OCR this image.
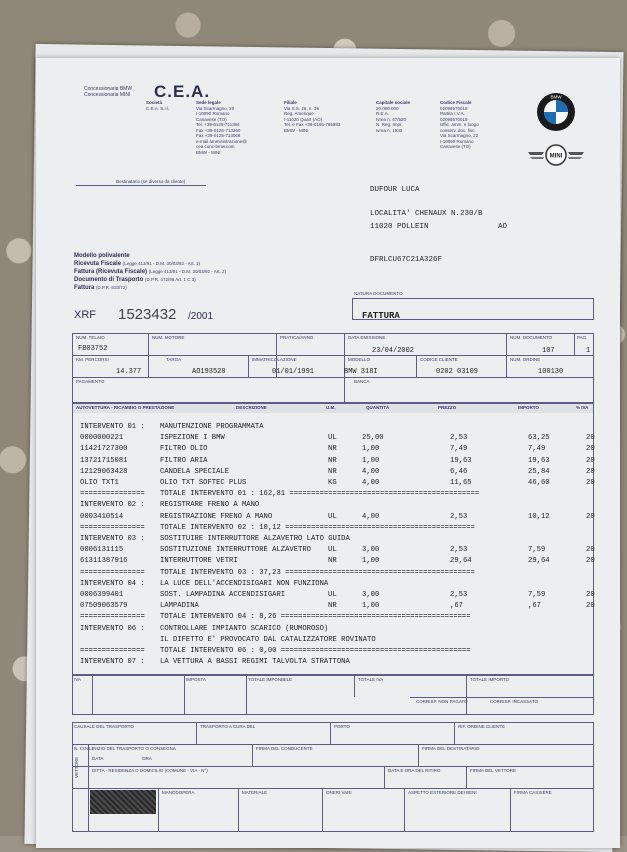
Concessionaria BMW
Concessionaria MINI C.E.A.
Società
C.E.A. S.r.l.
Sede legale
Via Scarmagno, 20
I-10090 Romano
Canavese (TO)
Tel. +39-0125-711384
Fax +39-0125-713260
Fax +39-0125-713068
e-mail amministrazione@
cea.conc-bmw.com
BMW - MINI
Filiale
Via S.S. 26, n. 39
Reg. Amerique
I-11020 Quart (AO)
Tel. e Fax +39-0165-765983
BMW - MINI
Capitale sociale
20.000.000
R.E.A.
Ivrea n. 47/520
N. Reg. Impr.
Ivrea n. 1933
Codice Fiscale
02096570019
Partita I.V.A.
02096570019
Uffic. amm. e luogo
conserv. doc. fisc.
Via Scarmagno, 22
I-10090 Romano
Canavese (TO)
BMW
MINI
Destinatario (se diverso da cliente)
DUFOUR LUCA
LOCALITA' CHENAUX N.230/B
11020 POLLEIN	AO
DFRLCU67C21A326F
Modello polivalente
Ricevuta Fiscale (Legge 413/91 - D.M. 30/03/92 - Art. 1)
Fattura (Ricevuta Fiscale) (Legge 413/91 - D.M. 30/03/92 - Art. 2)
Documento di Trasporto (D.P.R. 472/96 Art. 1 C 3)
Fattura (D.P.R. 633/72)
XRF 1523432 /2001
NATURA DOCUMENTO
FATTURA
NUM. TELAIO
FB03752
NUM. MOTORE	PRATICA/ANNO	DATA EMISSIONE
23/04/2002
NUM. DOCUMENTO
107
PAG.
1
KM. PERCORSI
14.377
TARGA
AO193520
IMMATRICOLAZIONE
01/01/1991
MODELLO
BMW 318I
CODICE CLIENTE
0202 03109
NUM. ORDINE
100130
PAGAMENTO	BANCA
AUTOVETTURA - RICAMBIO O PRESTAZIONE	DESCRIZIONE	U.M.	QUANTITÀ	PREZZO	IMPORTO	% IVA
INTERVENTO 01 : MANUTENZIONE PROGRAMMATA
0000000221	ISPEZIONE I BMW	UL	25,00	2,53	63,25	20
11421727300	FILTRO OLIO	NR	1,00	7,49	7,49	20
13721715081	FILTRO ARIA	NR	1,00	19,63	19,63	20
12129063428	CANDELA SPECIALE	NR	4,00	6,46	25,84	20
OLIO TXT1	OLIO TXT SOFTEC PLUS	KG	4,00	11,65	46,60	20
=============== TOTALE INTERVENTO 01 : 162,81 ============================================
INTERVENTO 02 : REGISTRARE FRENO A MANO
0003410514	REGISTRAZIONE FRENO A MANO	UL	4,00	2,53	10,12	20
=============== TOTALE INTERVENTO 02 : 10,12 ============================================
INTERVENTO 03 : SOSTITUIRE INTERRUTTORE ALZAVETRO LATO GUIDA
0006131115	SOSTITUZIONE INTERRUTTORE ALZAVETRO UL	3,00	2,53	7,59	20
61311387916	INTERRUTTORE VETRI	NR	1,00	29,64	29,64	20
=============== TOTALE INTERVENTO 03 : 37,23 ============================================
INTERVENTO 04 : LA LUCE DELL'ACCENDISIGARI NON FUNZIONA
0006399401	SOST. LAMPADINA ACCENDISIGARI	UL	3,00	2,53	7,59	20
07509063579	LAMPADINA	NR	1,00	,67	,67	20
=============== TOTALE INTERVENTO 04 : 8,26 ============================================
INTERVENTO 06 : CONTROLLARE IMPIANTO SCARICO (RUMOROSO)
IL DIFETTO E' PROVOCATO DAL CATALIZZATORE ROVINATO
=============== TOTALE INTERVENTO 06 : 0,00 ============================================
INTERVENTO 07 : LA VETTURA A BASSI REGIMI TALVOLTA STRATTONA
IVA	IMPOSTA	TOTALE IMPONIBILE	TOTALE IVA	TOTALE IMPORTO
CORRISP. NON PAGATO	CORRISP. INCASSATO
CAUSALE DEL TRASPORTO	TRASPORTO A CURA DEL	PORTO	RIF. ORDINE CLIENTE
N. COLLI INIZIO DEL TRASPORTO O CONSEGNA	FIRMA DEL CONDUCENTE	FIRMA DEL DESTINATARIO
DATA	ORA
DITTA - RESIDENZA O DOMICILIO (COMUNE - VIA - N°)	DATA E ORA DEL RITIRO	FIRMA DEL VETTORE
VETTORE
MANODOPERA	MATERIALE	ONERI VARI	ASPETTO ESTERIORE DEI BENI	FIRMA CASSIERE
